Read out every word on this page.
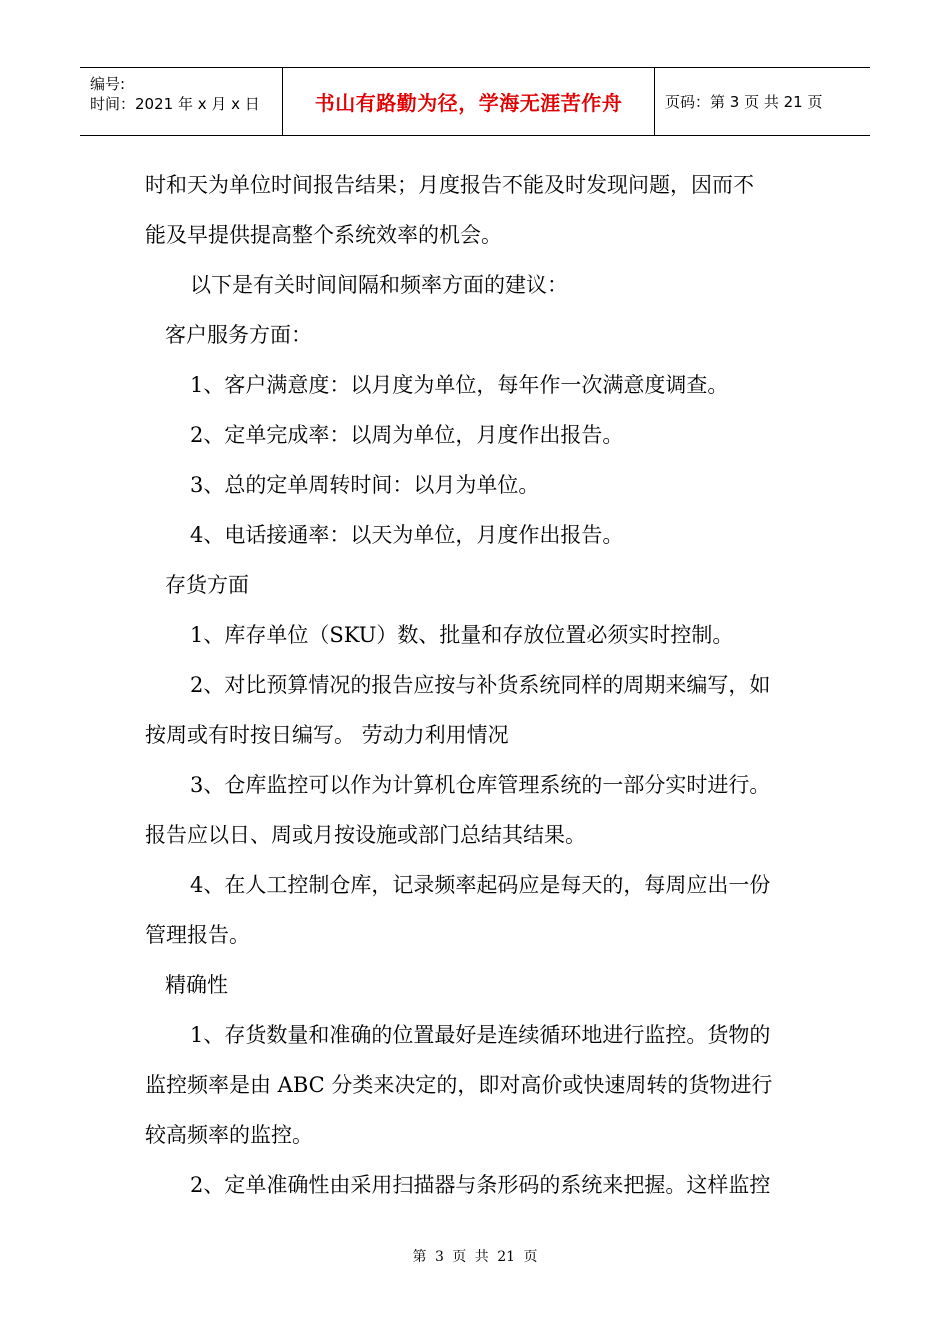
编号:
时间：2021 年 x 月 x 日	书山有路勤为径，学海无涯苦作舟	页码：第 3 页 共 21 页
时和天为单位时间报告结果；月度报告不能及时发现问题，因而不
能及早提供提高整个系统效率的机会。
以下是有关时间间隔和频率方面的建议：
客户服务方面：
1、客户满意度：以月度为单位，每年作一次满意度调查。
2、定单完成率：以周为单位，月度作出报告。
3、总的定单周转时间：以月为单位。
4、电话接通率：以天为单位，月度作出报告。
存货方面
1、库存单位（SKU）数、批量和存放位置必须实时控制。
2、对比预算情况的报告应按与补货系统同样的周期来编写，如
按周或有时按日编写。 劳动力利用情况
3、仓库监控可以作为计算机仓库管理系统的一部分实时进行。
报告应以日、周或月按设施或部门总结其结果。
4、在人工控制仓库，记录频率起码应是每天的，每周应出一份
管理报告。
精确性
1、存货数量和准确的位置最好是连续循环地进行监控。货物的
监控频率是由 ABC 分类来决定的，即对高价或快速周转的货物进行
较高频率的监控。
2、定单准确性由采用扫描器与条形码的系统来把握。这样监控
第 3 页 共 21 页
